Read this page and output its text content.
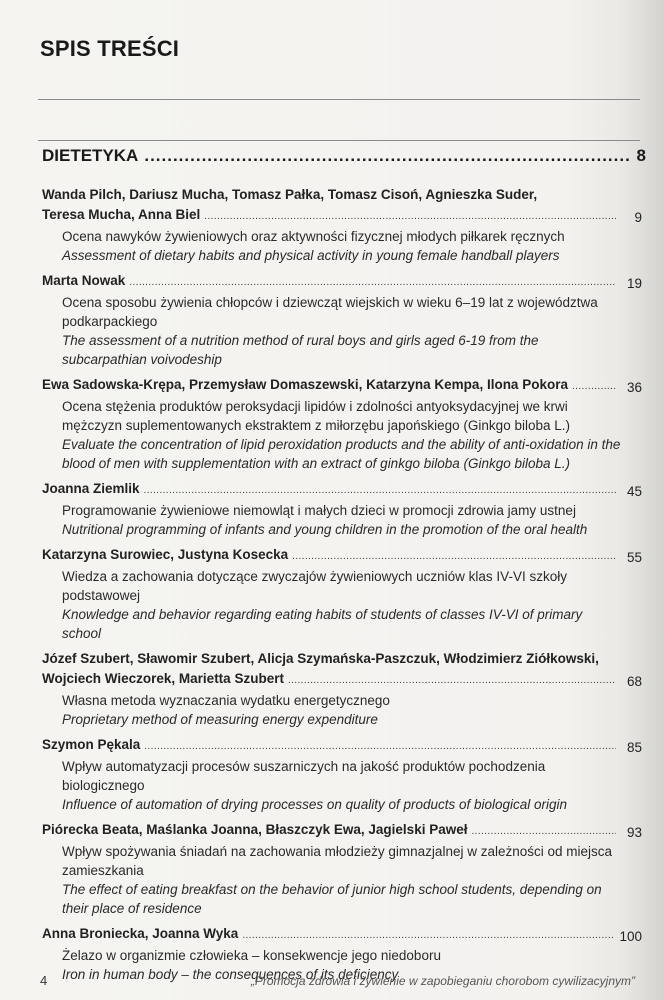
SPIS TREŚCI
DIETETYKA .....	8
Wanda Pilch, Dariusz Mucha, Tomasz Pałka, Tomasz Cisoń, Agnieszka Suder,
Teresa Mucha, Anna Biel .....	9
Ocena nawyków żywieniowych oraz aktywności fizycznej młodych piłkarek ręcznych
Assessment of dietary habits and physical activity in young female handball players
Marta Nowak .....	19
Ocena sposobu żywienia chłopców i dziewcząt wiejskich w wieku 6–19 lat z województwa podkarpackiego
The assessment of a nutrition method of rural boys and girls aged 6-19 from the subcarpathian voivodeship
Ewa Sadowska-Krępa, Przemysław Domaszewski, Katarzyna Kempa, Ilona Pokora .....	36
Ocena stężenia produktów peroksydacji lipidów i zdolności antyoksydacyjnej we krwi mężczyzn suplementowanych ekstraktem z miłorzębu japońskiego (Ginkgo biloba L.)
Evaluate the concentration of lipid peroxidation products and the ability of anti-oxidation in the blood of men with supplementation with an extract of ginkgo biloba (Ginkgo biloba L.)
Joanna Ziemlik .....	45
Programowanie żywieniowe niemowląt i małych dzieci w promocji zdrowia jamy ustnej
Nutritional programming of infants and young children in the promotion of the oral health
Katarzyna Surowiec, Justyna Kosecka .....	55
Wiedza a zachowania dotyczące zwyczajów żywieniowych uczniów klas IV-VI szkoły podstawowej
Knowledge and behavior regarding eating habits of students of classes IV-VI of primary school
Józef Szubert, Sławomir Szubert, Alicja Szymańska-Paszczuk, Włodzimierz Ziółkowski,
Wojciech Wieczorek, Marietta Szubert .....	68
Własna metoda wyznaczania wydatku energetycznego
Proprietary method of measuring energy expenditure
Szymon Pękala .....	85
Wpływ automatyzacji procesów suszarniczych na jakość produktów pochodzenia biologicznego
Influence of automation of drying processes on quality of products of biological origin
Piórecka Beata, Maślanka Joanna, Błaszczyk Ewa, Jagielski Paweł .....	93
Wpływ spożywania śniadań na zachowania młodzieży gimnazjalnej w zależności od miejsca zamieszkania
The effect of eating breakfast on the behavior of junior high school students, depending on their place of residence
Anna Broniecka, Joanna Wyka .....	100
Żelazo w organizmie człowieka – konsekwencje jego niedoboru
Iron in human body – the consequences of its deficiency
4	„Promocja zdrowia i żywienie w zapobieganiu chorobom cywilizacyjnym”
